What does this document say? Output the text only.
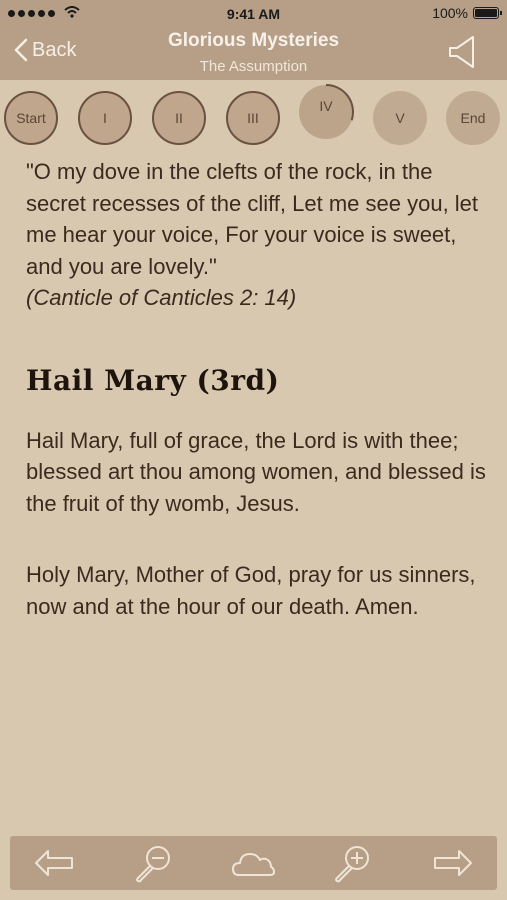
9:41 AM	100%
Back	Glorious Mysteries
The Assumption
Start	I	II	III
IV
V	End
"O my dove in the clefts of the rock, in the secret recesses of the cliff, Let me see you, let me hear your voice, For your voice is sweet, and you are lovely."
(Canticle of Canticles 2: 14)
Hail Mary (3rd)
Hail Mary, full of grace, the Lord is with thee; blessed art thou among women, and blessed is the fruit of thy womb, Jesus.
Holy Mary, Mother of God, pray for us sinners, now and at the hour of our death. Amen.
